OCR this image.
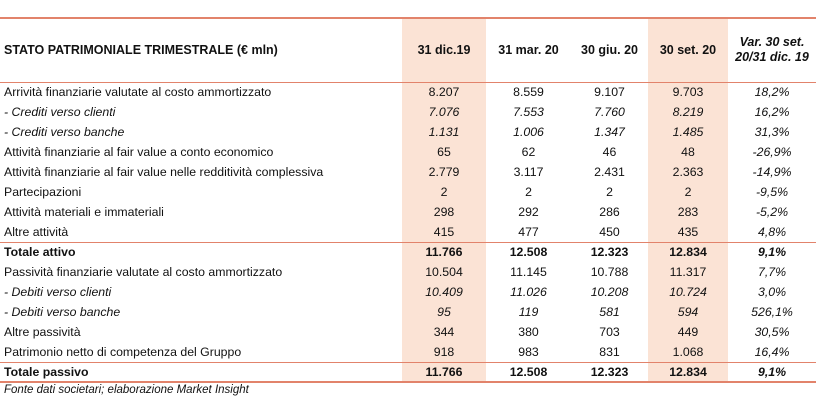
STATO PATRIMONIALE TRIMESTRALE (€ mln)	31 dic.19	31 mar. 20	30 giu. 20	30 set. 20	Var. 30 set. 20/31 dic. 19
Arrività finanziarie valutate al costo ammortizzato	8.207	8.559	9.107	9.703	18,2%
- Crediti verso clienti	7.076	7.553	7.760	8.219	16,2%
- Crediti verso banche	1.131	1.006	1.347	1.485	31,3%
Attività finanziarie al fair value a conto economico	65	62	46	48	-26,9%
Attività finanziarie al fair value nelle redditività complessiva	2.779	3.117	2.431	2.363	-14,9%
Partecipazioni	2	2	2	2	-9,5%
Attività materiali e immateriali	298	292	286	283	-5,2%
Altre attività	415	477	450	435	4,8%
Totale attivo	11.766	12.508	12.323	12.834	9,1%
Passività finanziarie valutate al costo ammortizzato	10.504	11.145	10.788	11.317	7,7%
- Debiti verso clienti	10.409	11.026	10.208	10.724	3,0%
- Debiti verso banche	95	119	581	594	526,1%
Altre passività	344	380	703	449	30,5%
Patrimonio netto di competenza del Gruppo	918	983	831	1.068	16,4%
Totale passivo	11.766	12.508	12.323	12.834	9,1%
Fonte dati societari; elaborazione Market Insight
